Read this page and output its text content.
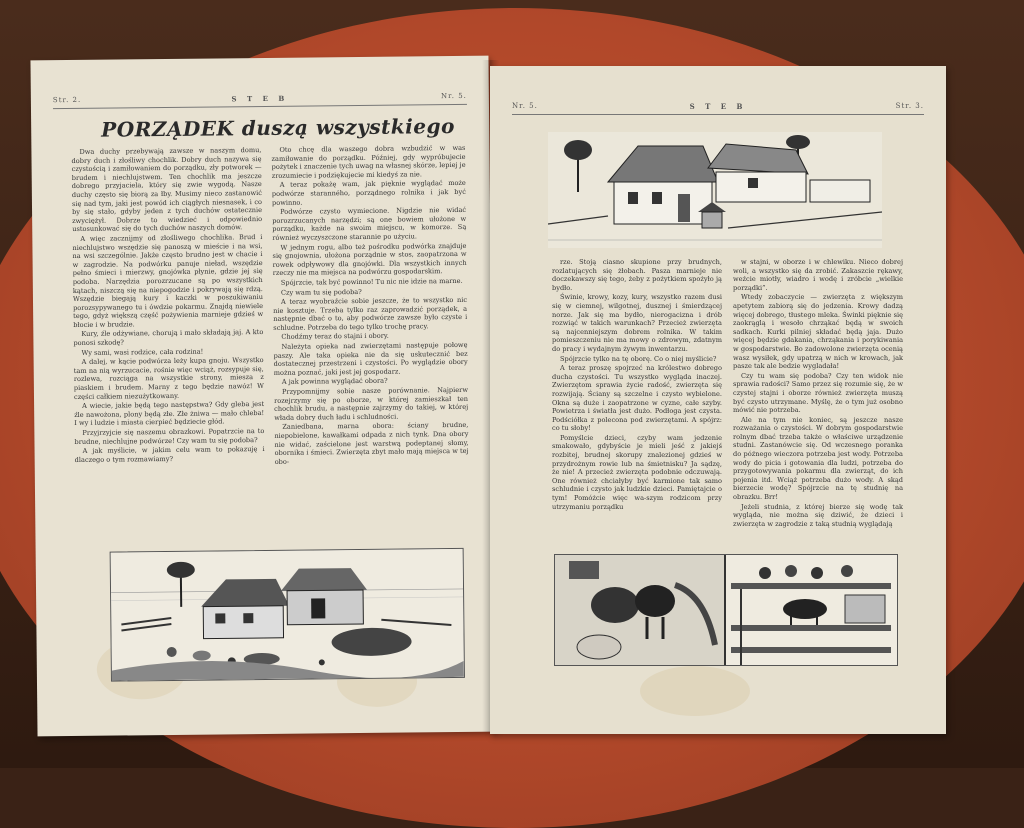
Str. 2.	S T E B	Nr. 5.
PORZĄDEK duszą wszystkiego

Dwa duchy przebywają zawsze w naszym domu, dobry duch i złośliwy chochlik. Dobry duch nazywa się czystością i zamiłowaniem do porządku, zły potworek — brudem i niechlujstwem. Ten chochlik ma jeszcze dobrego przyjaciela, który się zwie wygodą. Nasze duchy często się biorą za łby. Musimy nieco zastanowić się nad tym, jaki jest powód ich ciągłych niesnasek, i co by się stało, gdyby jeden z tych duchów ostatecznie zwyciężył. Dobrze to wiedzieć i odpowiednio ustosunkować się do tych duchów naszych domów.

A więc zacznijmy od złośliwego chochlika. Brud i niechlujstwo wszędzie się panoszą w mieście i na wsi, na wsi szczególnie. Jakże często brudno jest w chacie i w zagrodzie. Na podwórku panuje nieład, wszędzie pełno śmieci i mierzwy, gnojówka płynie, gdzie jej się podoba. Narzędzia porozrzucane są po wszystkich kątach, niszczą się na niepogodzie i pokrywają się rdzą. Wszędzie biegają kury i kaczki w poszukiwaniu porozsypywanego tu i ówdzie pokarmu. Znajdą niewiele tego, gdyż większą część pożywienia marnieje gdzieś w błocie i w brudzie.

Kury, źle odżywiane, chorują i mało składają jaj. A kto ponosi szkodę?

Wy sami, wasi rodzice, cała rodzina!

A dalej, w kącie podwórza leży kupa gnoju. Wszystko tam na nią wyrzucacie, rośnie więc wciąż, rozsypuje się, rozlewa, rozciąga na wszystkie strony, miesza z piaskiem i brudem. Marny z tego będzie nawóz! W części całkiem niezużytkowany.

A wiecie, jakie będą tego następstwa? Gdy gleba jest źle nawożona, plony będą złe. Złe żniwa — mało chleba! I wy i ludzie i miasta cierpieć będziecie głód.

Przyjrzyjcie się naszemu obrazkowi. Popatrzcie na to brudne, niechlujne podwórze! Czy wam tu się podoba?

A jak myślicie, w jakim celu wam to pokazuję i dlaczego o tym rozmawiamy?

Oto chcę dla waszego dobra wzbudzić w was zamiłowanie do porządku. Później, gdy wypróbujecie pożytek i znaczenie tych uwag na własnej skórze, lepiej je zrozumiecie i podziękujecie mi kiedyś za nie.

A teraz pokażę wam, jak pięknie wyglądać może podwórze staranného, porządnego rolnika i jak być powinno.

Podwórze czysto wymiecione. Nigdzie nie widać porozrzucanych narzędzi; są one bowiem ułożone w porządku, każde na swoim miejscu, w komorze. Są również wyczyszczone starannie po użyciu.

W jednym rogu, albo też pośrodku podwórka znajduje się gnojownia, ułożona porządnie w stos, zaopatrzona w rowek odpływowy dla gnojówki. Dla wszystkich innych rzeczy nie ma miejsca na podwórzu gospodarskim.

Spójrzcie, tak być powinno! Tu nic nie idzie na marne.

Czy wam tu się podoba?

A teraz wyobraźcie sobie jeszcze, że to wszystko nic nie kosztuje. Trzeba tylko raz zaprowadzić porządek, a następnie dbać o to, aby podwórze zawsze było czyste i schludne. Potrzeba do tego tylko trochę pracy.

Chodźmy teraz do stajni i obory.

Należyta opieka nad zwierzętami następuje połowę paszy. Ale taka opieka nie da się uskutecznić bez dostatecznej przestrzeni i czystości. Po wyglądzie obory można poznać, jaki jest jej gospodarz.

A jak powinna wyglądać obora?

Przypomnijmy sobie nasze porównanie. Najpierw rozejrzymy się po oborze, w której zamieszkał ten chochlik brudu, a następnie zajrzymy do takiej, w której włada dobry duch ładu i schludności.

Zaniedbana, marna obora: ściany brudne, niepobielone, kawałkami odpada z nich tynk. Dna obory nie widać, zaścielone jest warstwą podeptanej słomy, obornika i śmieci. Zwierzęta zbyt mało mają miejsca w tej obo-

Nr. 5.	S T E B	Str. 3.

rze. Stoją ciasno skupione przy brudnych, rozlatujących się żłobach. Pasza marnieje nie doczekawszy się tego, żeby z pożytkiem spożyło ją bydło.

Świnie, krowy, kozy, kury, wszystko razem dusi się w ciemnej, wilgotnej, dusznej i śmierdzącej norze. Jak się ma bydło, nierogacizna i drób rozwiąć w takich warunkach? Przecież zwierzęta są najcenniejszym dobrem rolnika. W takim pomieszczeniu nie ma mowy o zdrowym, zdatnym do pracy i wydajnym żywym inwentarzu.

Spójrzcie tylko na tę oborę. Co o niej myślicie?

A teraz proszę spojrzeć na królestwo dobrego ducha czystości. Tu wszystko wygląda inaczej. Zwierzętom sprawia życie radość, zwierzęta się rozwijają. Ściany są szczelne i czysto wybielone. Okna są duże i zaopatrzone w cyzne, całe szyby. Powietrza i światła jest dużo. Podłoga jest czysta. Podściółka z polecona pod zwierzętami. A spójrz: co tu słoby!

Pomyślcie dzieci, czyby wam jedzenie smakowało, gdybyście je mieli jeść z jakiejś rozbitej, brudnej skorupy znalezionej gdzieś w przydrożnym rowie lub na śmietnisku? Ja sądzę, że nie! A przecież zwierzęta podobnie odczuwają. One również chciałyby być karmione tak samo schludnie i czysto jak ludzkie dzieci. Pamiętajcie o tym! Pomóżcie więc wa-szym rodzicom przy utrzymaniu porządku

w stajni, w oborze i w chlewiku. Nieco dobrej woli, a wszystko się da zrobić. Zakaszcie rękawy, weźcie miotły, wiadro i wodę i zróbcie „wielkie porządki”.

Wtedy zobaczycie — zwierzęta z większym apetytem zabiorą się do jedzenia. Krowy dadzą więcej dobrego, tłustego mleka. Świnki pięknie się zaokrąglą i wesoło chrząkać będą w swoich sadkach. Kurki pilniej składać będą jaja. Dużo więcej będzie gdakania, chrząkania i porykiwania w gospodarstwie. Bo zadowolone zwierzęta ocenią wasz wysiłek, gdy upatrzą w nich w krowach, jak pasze tak ale bedzie wygladała!

Czy tu wam się podoba? Czy ten widok nie sprawia radości? Samo przez się rozumie się, że w czystej stajni i oborze również zwierzęta muszą być czysto utrzymane. Myślę, że o tym już osobno mówić nie potrzeba.

Ale na tym nie koniec, są jeszcze nasze rozważania o czystości. W dobrym gospodarstwie rolnym dbać trzeba także o właściwe urządzenie studni. Zastanówcie się. Od wczesnego poranka do późnego wieczora potrzeba jest wody. Potrzeba wody do picia i gotowania dla ludzi, potrzeba do przygotowywania pokarmu dla zwierząt, do ich pojenia itd. Wciąż potrzeba dużo wody. A skąd bierzecie wodę? Spójrzcie na tę studnię na obrazku. Brr!

Jeżeli studnia, z której bierze się wodę tak wygląda, nie można się dziwić, że dzieci i zwierzęta w zagrodzie z taką studnią wyglądają
